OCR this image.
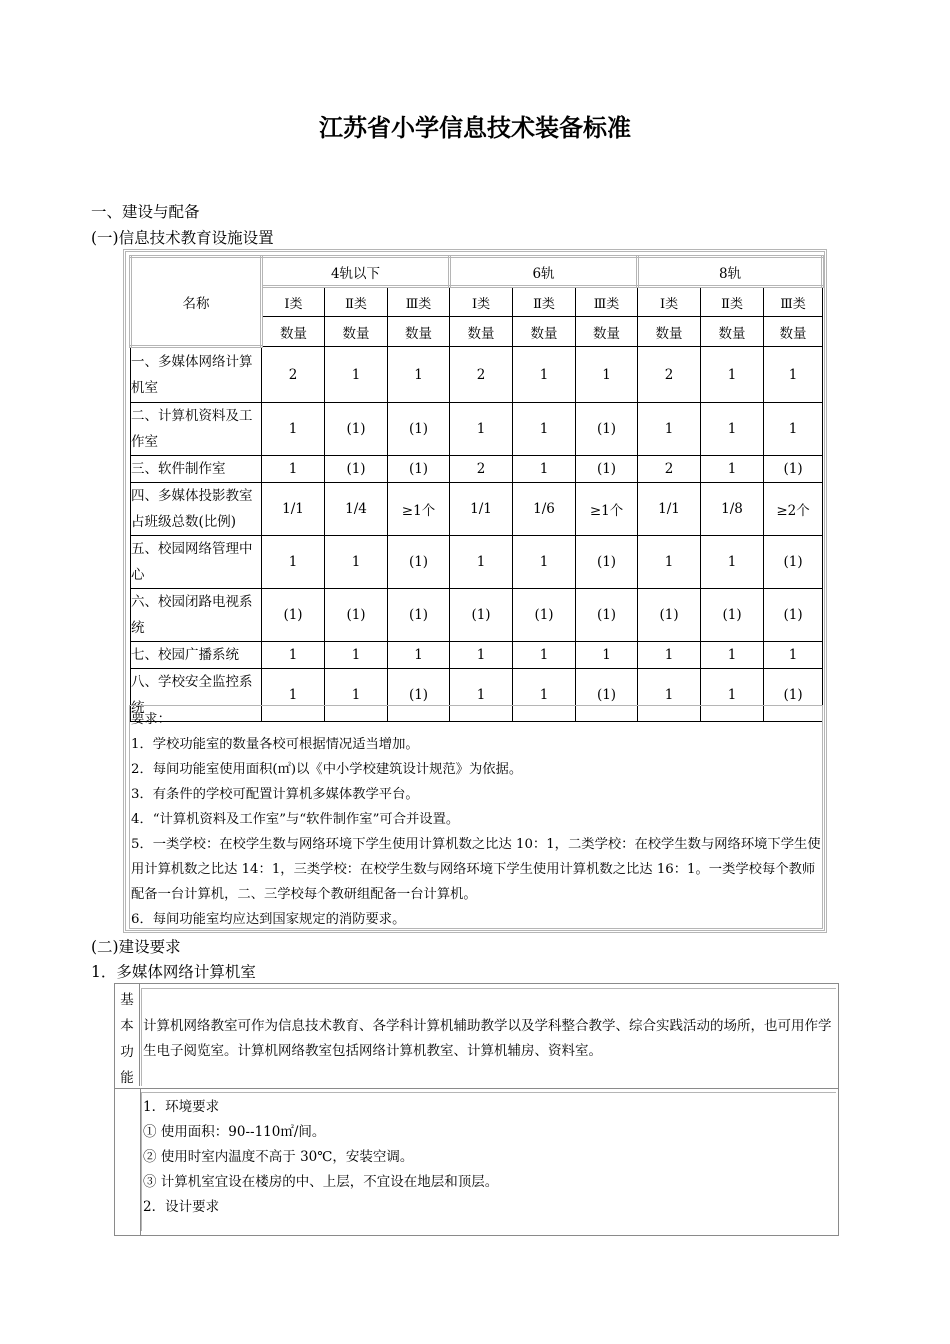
江苏省小学信息技术装备标准
一、建设与配备
(一)信息技术教育设施设置
名称	4轨以下			6轨			8轨		
	Ⅰ类	Ⅱ类	Ⅲ类	Ⅰ类	Ⅱ类	Ⅲ类	Ⅰ类	Ⅱ类	Ⅲ类
	数量	数量	数量	数量	数量	数量	数量	数量	数量
一、多媒体网络计算机室	2	1	1	2	1	1	2	1	1
二、计算机资料及工作室	1	(1)	(1)	1	1	(1)	1	1	1
三、软件制作室	1	(1)	(1)	2	1	(1)	2	1	(1)
四、多媒体投影教室占班级总数(比例)	1/1	1/4	≥1个	1/1	1/6	≥1个	1/1	1/8	≥2个
五、校园网络管理中心	1	1	(1)	1	1	(1)	1	1	(1)
六、校园闭路电视系统	(1)	(1)	(1)	(1)	(1)	(1)	(1)	(1)	(1)
七、校园广播系统	1	1	1	1	1	1	1	1	1
八、学校安全监控系统	1	1	(1)	1	1	(1)	1	1	(1)
要求：
1．学校功能室的数量各校可根据情况适当增加。
2．每间功能室使用面积(㎡)以《中小学校建筑设计规范》为依据。
3．有条件的学校可配置计算机多媒体教学平台。
4．“计算机资料及工作室”与“软件制作室”可合并设置。
5．一类学校：在校学生数与网络环境下学生使用计算机数之比达 10：1，二类学校：在校学生数与网络环境下学生使用计算机数之比达 14：1，三类学校：在校学生数与网络环境下学生使用计算机数之比达 16：1。一类学校每个教师配备一台计算机，二、三学校每个教研组配备一台计算机。
6．每间功能室均应达到国家规定的消防要求。
(二)建设要求
1．多媒体网络计算机室
基
本
功
能
计算机网络教室可作为信息技术教育、各学科计算机辅助教学以及学科整合教学、综合实践活动的场所，也可用作学生电子阅览室。计算机网络教室包括网络计算机教室、计算机辅房、资料室。
1．环境要求
① 使用面积：90--110㎡/间。
② 使用时室内温度不高于 30℃，安装空调。
③ 计算机室宜设在楼房的中、上层，不宜设在地层和顶层。
2．设计要求
